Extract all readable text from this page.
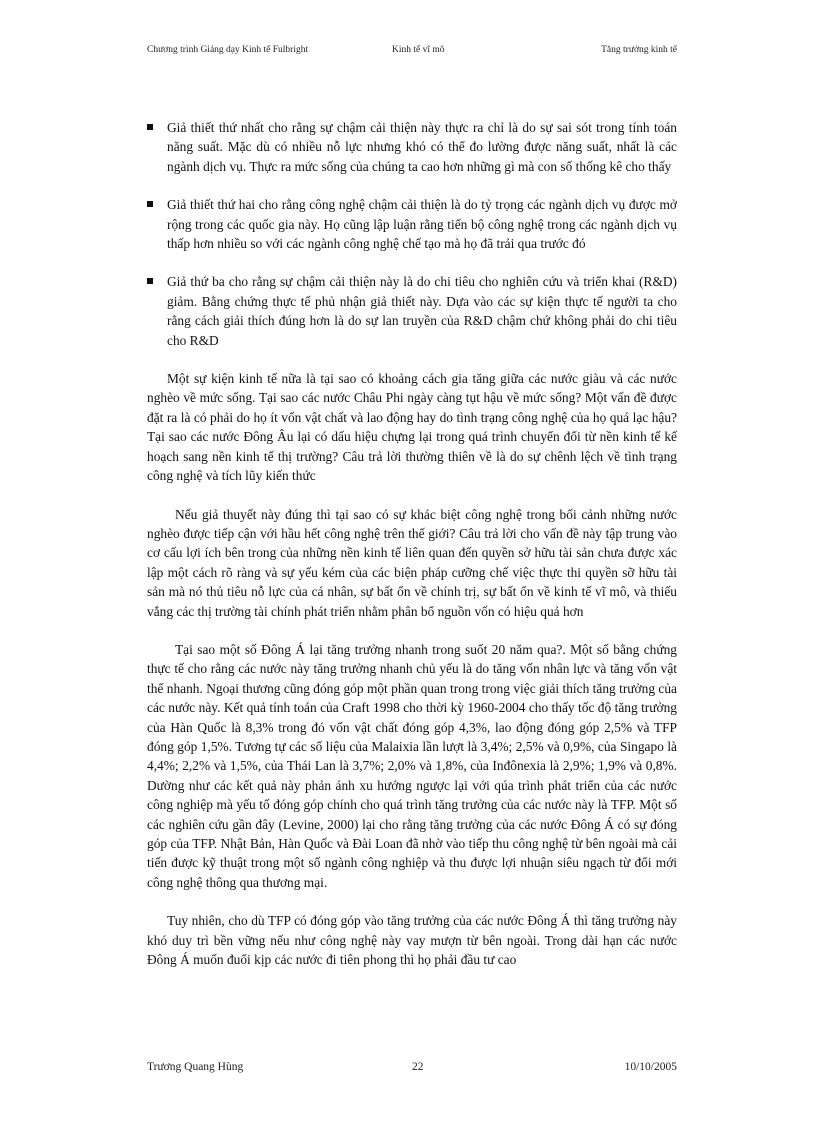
Chương trình Giảng dạy Kinh tế Fulbright	Kinh tế vĩ mô	Tăng trưởng kinh tế
Giả thiết thứ nhất cho rằng sự chậm cải thiện này thực ra chỉ là do sự sai sót trong tính toán năng suất. Mặc dù có nhiều nỗ lực nhưng khó có thể đo lường được năng suất, nhất là các ngành dịch vụ. Thực ra mức sống của chúng ta cao hơn những gì mà con số thống kê cho thấy
Giả thiết thứ hai cho rằng công nghệ chậm cải thiện là do tỷ trọng các ngành dịch vụ được mở rộng trong các quốc gia này. Họ cũng lập luận rằng tiến bộ công nghệ trong các ngành dịch vụ thấp hơn nhiều so với các ngành công nghệ chế tạo mà họ đã trải qua trước đó
Giả thứ ba cho rằng sự chậm cải thiện này là do chi tiêu cho nghiên cứu và triển khai (R&D) giảm. Bằng chứng thực tế phủ nhận giả thiết này. Dựa vào các sự kiện thực tế người ta cho rằng cách giải thích đúng hơn là do sự lan truyền của R&D chậm chứ không phải do chi tiêu cho R&D

Một sự kiện kinh tế nữa là tại sao có khoảng cách gia tăng giữa các nước giàu và các nước nghèo về mức sống. Tại sao các nước Châu Phi ngày càng tụt hậu về mức sống? Một vấn đề được đặt ra là có phải do họ ít vốn vật chất và lao động hay do tình trạng công nghệ của họ quá lạc hậu? Tại sao các nước Đông Âu lại có dấu hiệu chựng lại trong quá trình chuyển đổi từ nền kinh tế kế hoạch sang nền kinh tế thị trường? Câu trả lời thường thiên về là do sự chênh lệch về tình trạng công nghệ và tích lũy kiến thức

Nếu giả thuyết này đúng thì tại sao có sự khác biệt công nghệ trong bối cảnh những nước nghèo được tiếp cận với hầu hết công nghệ trên thế giới? Câu trả lời cho vấn đề này tập trung vào cơ cấu lợi ích bên trong của những nền kinh tế liên quan đến quyền sở hữu tài sản chưa được xác lập một cách rõ ràng và sự yếu kém của các biện pháp cưỡng chế việc thực thi quyền sỡ hữu tài sản mà nó thủ tiêu nỗ lực của cá nhân, sự bất ổn về chính trị, sự bất ổn về kinh tế vĩ mô, và thiếu vắng các thị trường tài chính phát triển nhằm phân bổ nguồn vốn có hiệu quả hơn

Tại sao một số Đông Á lại tăng trưởng nhanh trong suốt 20 năm qua?. Một số bằng chứng thực tế cho rằng các nước này tăng trưởng nhanh chủ yếu là do tăng vốn nhân lực và tăng vốn vật thể nhanh. Ngoại thương cũng đóng góp một phần quan trong trong việc giải thích tăng trưởng của các nước này. Kết quả tính toán của Craft 1998 cho thời kỳ 1960-2004 cho thấy tốc độ tăng trưởng của Hàn Quốc là 8,3% trong đó vốn vật chất đóng góp 4,3%, lao động đóng góp 2,5% và TFP đóng góp 1,5%. Tương tự các số liệu của Malaixia lần lượt là 3,4%; 2,5% và 0,9%, của Singapo là 4,4%; 2,2% và 1,5%, của Thái Lan là 3,7%; 2,0% và 1,8%, của Inđônexia là 2,9%; 1,9% và 0,8%. Dường như các kết quả này phản ánh xu hướng ngược lại với qúa trình phát triển của các nước công nghiệp mà yếu tố đóng góp chính cho quá trình tăng trưởng của các nước này là TFP. Một số các nghiên cứu gần đây (Levine, 2000) lại cho rằng tăng trưởng của các nước Đông Á có sự đóng góp của TFP. Nhật Bản, Hàn Quốc và Đài Loan đã nhờ vào tiếp thu công nghệ từ bên ngoài mà cải tiến được kỹ thuật trong một số ngành công nghiệp và thu được lợi nhuận siêu ngạch từ đổi mới công nghệ thông qua thương mại.

Tuy nhiên, cho dù TFP có đóng góp vào tăng trưởng của các nước Đông Á thì tăng trưởng này khó duy trì bền vững nếu như công nghệ này vay mượn từ bên ngoài. Trong dài hạn các nước Đông Á muốn đuổi kịp các nước đi tiên phong thì họ phải đầu tư cao

Trương Quang Hùng	22	10/10/2005
